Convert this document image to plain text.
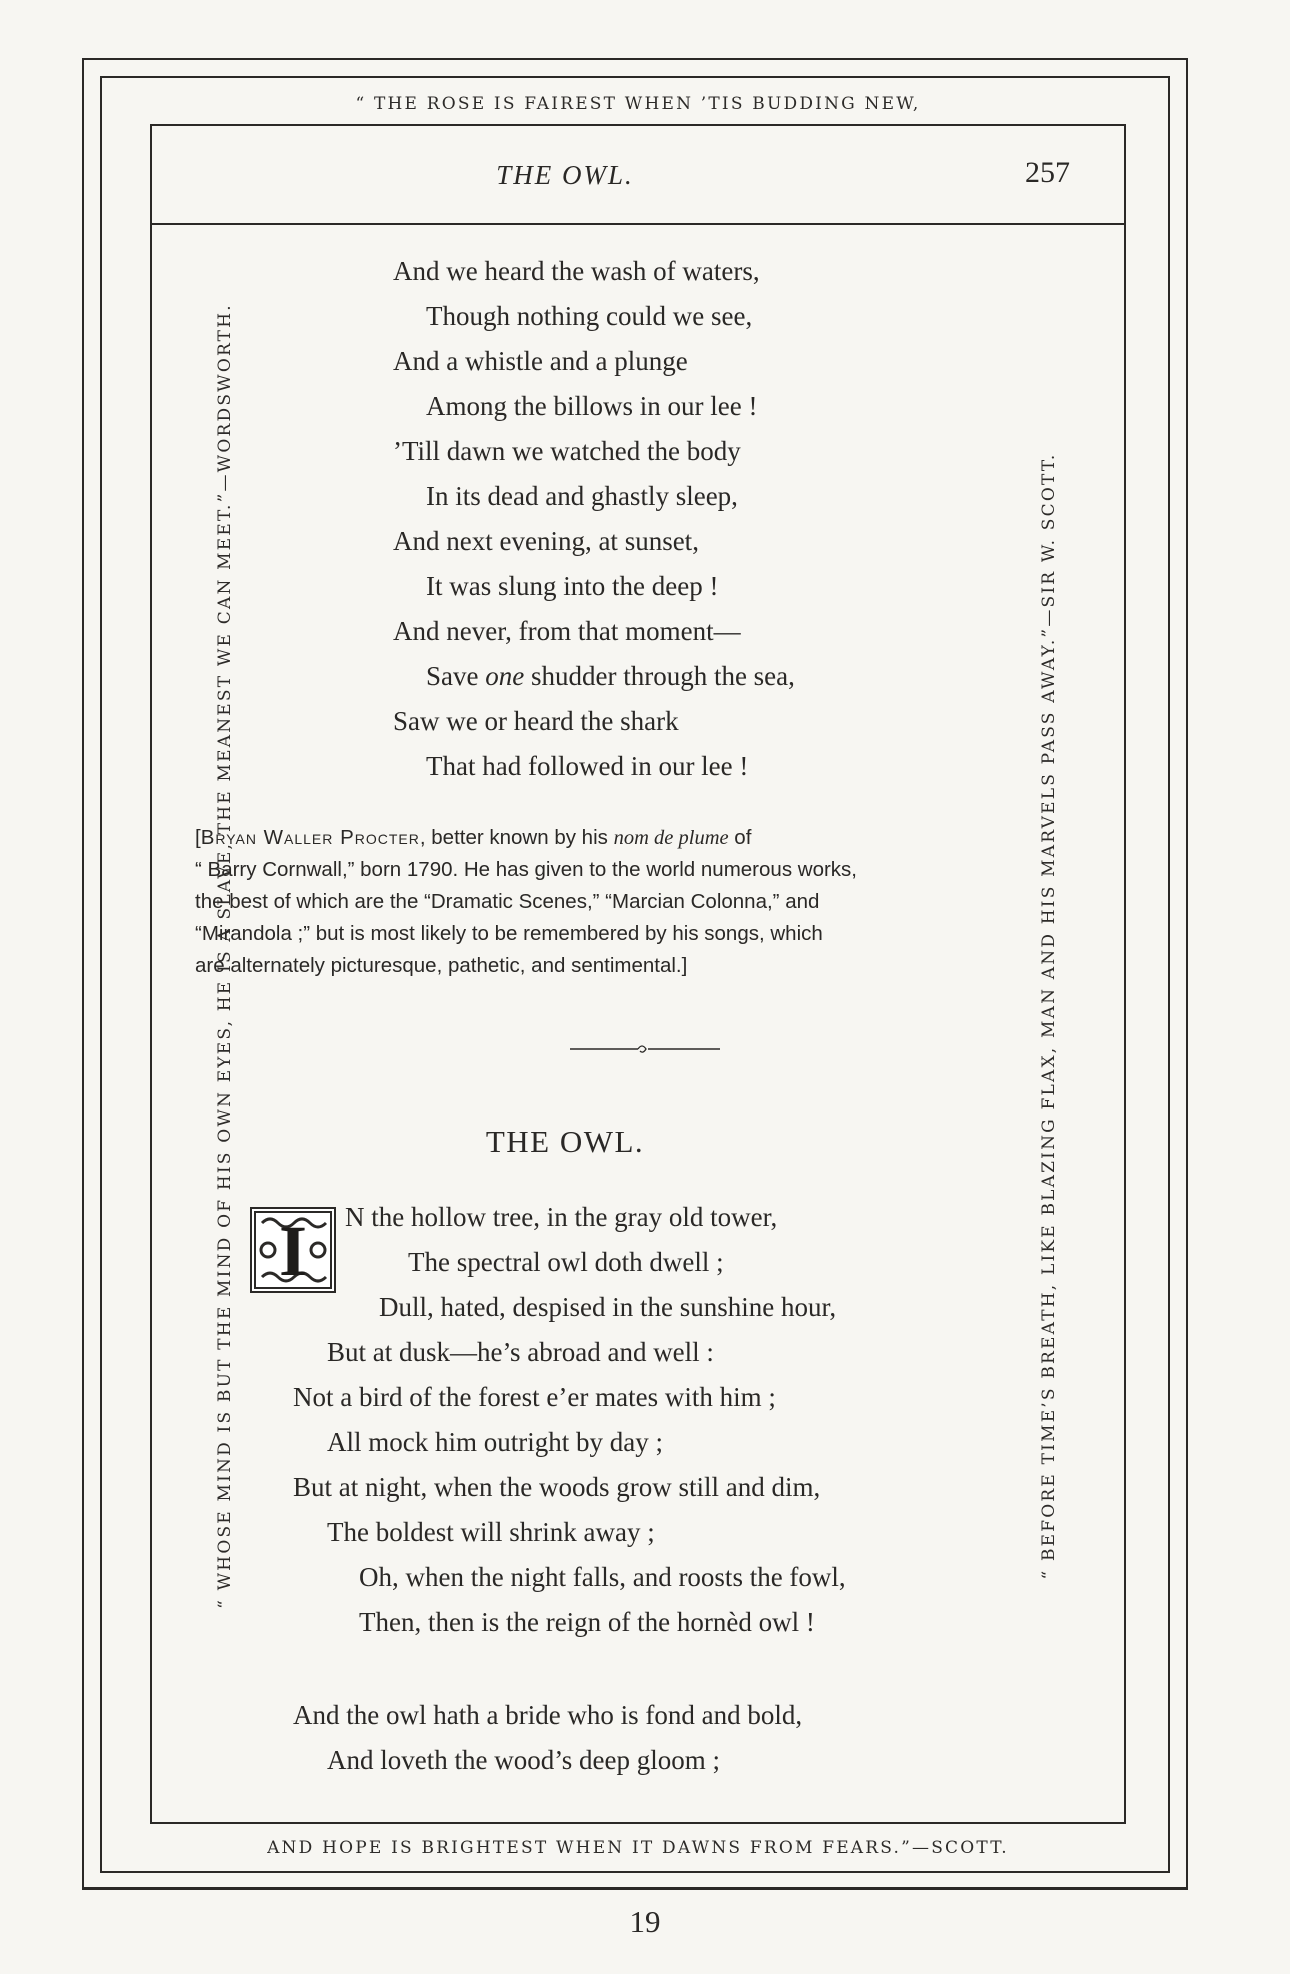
“ THE ROSE IS FAIREST WHEN ’TIS BUDDING NEW,
AND HOPE IS BRIGHTEST WHEN IT DAWNS FROM FEARS.”—SCOTT.
“ WHOSE MIND IS BUT THE MIND OF HIS OWN EYES, HE IS A SLAVE, THE MEANEST WE CAN MEET.”—WORDSWORTH.	“ BEFORE TIME’S BREATH, LIKE BLAZING FLAX, MAN AND HIS MARVELS PASS AWAY.”—SIR W. SCOTT.
THE OWL.	257
And we heard the wash of waters,
Though nothing could we see,
And a whistle and a plunge
Among the billows in our lee !
’Till dawn we watched the body
In its dead and ghastly sleep,
And next evening, at sunset,
It was slung into the deep !
And never, from that moment—
Save one shudder through the sea,
Saw we or heard the shark
That had followed in our lee !
[Bryan Waller Procter, better known by his nom de plume of
“ Barry Cornwall,” born 1790. He has given to the world numerous works,
the best of which are the “Dramatic Scenes,” “Marcian Colonna,” and
“Mirandola ;” but is most likely to be remembered by his songs, which
are alternately picturesque, pathetic, and sentimental.]
THE OWL.
I	N the hollow tree, in the gray old tower,
The spectral owl doth dwell ;
Dull, hated, despised in the sunshine hour,
But at dusk—he’s abroad and well :
Not a bird of the forest e’er mates with him ;
All mock him outright by day ;
But at night, when the woods grow still and dim,
The boldest will shrink away ;
Oh, when the night falls, and roosts the fowl,
Then, then is the reign of the hornèd owl !
And the owl hath a bride who is fond and bold,
And loveth the wood’s deep gloom ;
19
